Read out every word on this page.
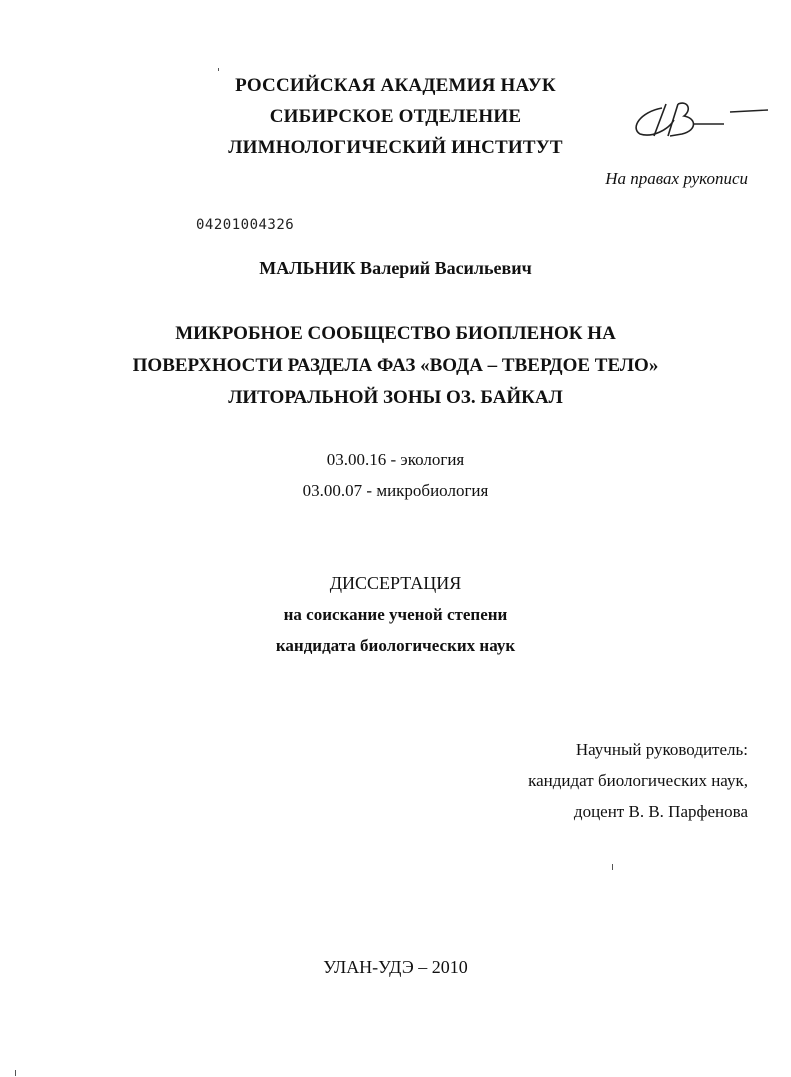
РОССИЙСКАЯ АКАДЕМИЯ НАУК
СИБИРСКОЕ ОТДЕЛЕНИЕ
ЛИМНОЛОГИЧЕСКИЙ ИНСТИТУТ
На правах рукописи
04201004326
МАЛЬНИК Валерий Васильевич
МИКРОБНОЕ СООБЩЕСТВО БИОПЛЕНОК НА
ПОВЕРХНОСТИ РАЗДЕЛА ФАЗ «ВОДА – ТВЕРДОЕ ТЕЛО»
ЛИТОРАЛЬНОЙ ЗОНЫ ОЗ. БАЙКАЛ
03.00.16 - экология
03.00.07 - микробиология
ДИССЕРТАЦИЯ
на соискание ученой степени
кандидата биологических наук
Научный руководитель:
кандидат биологических наук,
доцент В. В. Парфенова
УЛАН-УДЭ – 2010
